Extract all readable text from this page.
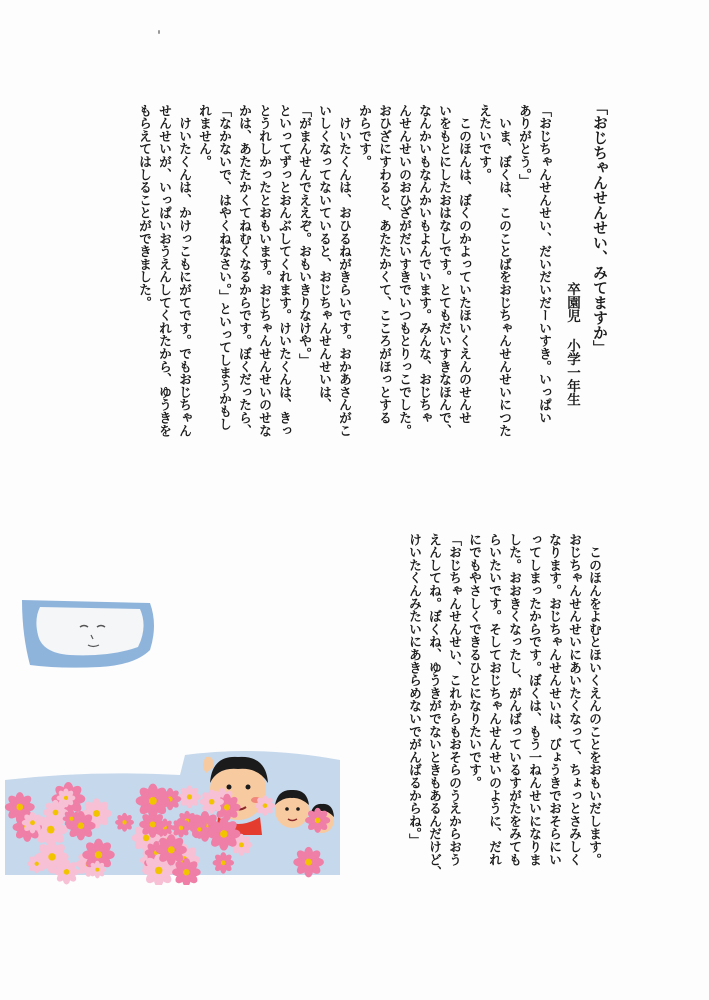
「おじちゃんせんせい、みてますか」
卒園児 小学一年生
「おじちゃんせんせい、だいだいだーいすき。いっぱい
ありがとう。」
　いま、ぼくは、このことばをおじちゃんせんせいにつた
えたいです。
　このほんは、ぼくのかよっていたほいくえんのせんせ
いをもとにしたおはなしです。とてもだいすきなほんで、
なんかいもなんかいもよんでいます。みんな、おじちゃ
んせんせいのおひざがだいすきでいつもとりっこでした。
おひざにすわると、あたたかくて、こころがほっとする
からです。
　けいたくんは、おひるねがきらいです。おかあさんがこ
いしくなってないていると、おじちゃんせんせいは、
「がまんせんでええぞ。おもいきりなけや。」
といってずっとおんぶしてくれます。けいたくんは、きっ
とうれしかったとおもいます。おじちゃんせんせいのせな
かは、あたたかくてねむくなるからです。ぼくだったら、
「なかないで、はやくねなさい。」といってしまうかもし
れません。
　けいたくんは、かけっこもにがてです。でもおじちゃん
せんせいが、いっぱいおうえんしてくれたから、ゆうきを
もらえてはしることができました。
　このほんをよむとほいくえんのことをおもいだします。
おじちゃんせんせいにあいたくなって、ちょっとさみしく
なります。おじちゃんせんせいは、びょうきでおそらにい
ってしまったからです。ぼくは、もう一ねんせいになりま
した。おおきくなったし、がんばっているすがたをみても
らいたいです。そしておじちゃんせんせいのように、だれ
にでもやさしくできるひとになりたいです。
「おじちゃんせんせい、これからもおそらのうえからおう
えんしてね。ぼくね、ゆうきがでないときもあるんだけど、
けいたくんみたいにあきらめないでがんばるからね。」
